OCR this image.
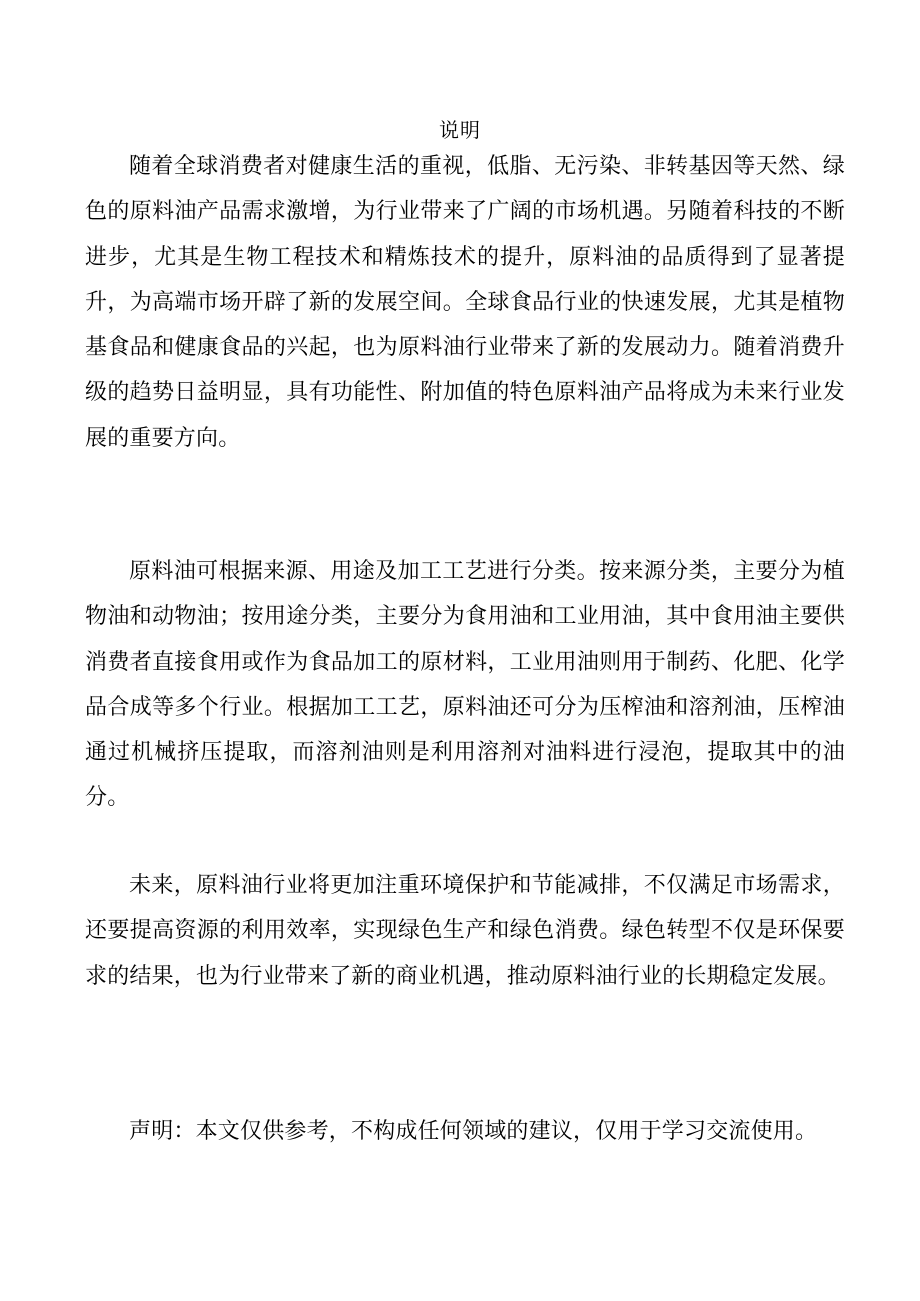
说明

随着全球消费者对健康生活的重视，低脂、无污染、非转基因等天然、绿色的原料油产品需求激增，为行业带来了广阔的市场机遇。另随着科技的不断进步，尤其是生物工程技术和精炼技术的提升，原料油的品质得到了显著提升，为高端市场开辟了新的发展空间。全球食品行业的快速发展，尤其是植物基食品和健康食品的兴起，也为原料油行业带来了新的发展动力。随着消费升级的趋势日益明显，具有功能性、附加值的特色原料油产品将成为未来行业发展的重要方向。

原料油可根据来源、用途及加工工艺进行分类。按来源分类，主要分为植物油和动物油；按用途分类，主要分为食用油和工业用油，其中食用油主要供消费者直接食用或作为食品加工的原材料，工业用油则用于制药、化肥、化学品合成等多个行业。根据加工工艺，原料油还可分为压榨油和溶剂油，压榨油通过机械挤压提取，而溶剂油则是利用溶剂对油料进行浸泡，提取其中的油分。

未来，原料油行业将更加注重环境保护和节能减排，不仅满足市场需求，还要提高资源的利用效率，实现绿色生产和绿色消费。绿色转型不仅是环保要求的结果，也为行业带来了新的商业机遇，推动原料油行业的长期稳定发展。

声明：本文仅供参考，不构成任何领域的建议，仅用于学习交流使用。
